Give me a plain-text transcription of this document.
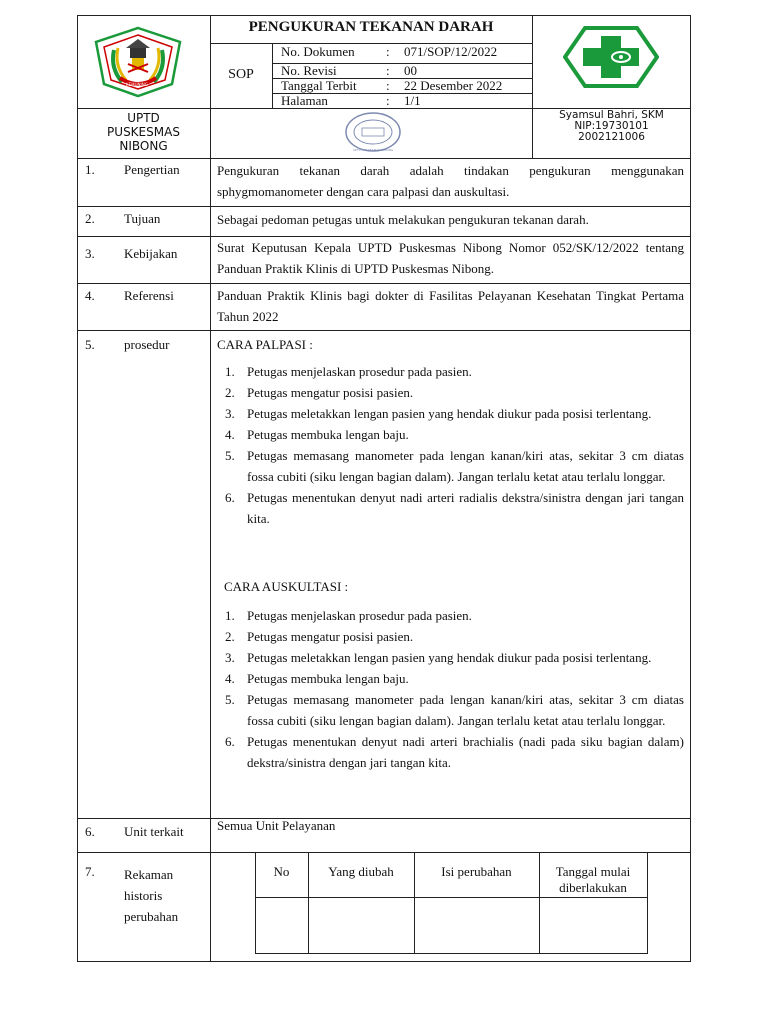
KEMUNING
PENGUKURAN TEKANAN DARAH
SOP
No. Dokumen : 071/SOP/12/2022
No. Revisi	: 00
Tanggal Terbit : 22 Desember 2022
Halaman	: 1/1
UPTD
PUSKESMAS
NIBONG	UPTD PUSKESMAS NIBONG
Syamsul Bahri, SKM
NIP:19730101
2002121006
1. Pengertian	Pengukuran tekanan darah adalah tindakan pengukuran menggunakan sphygmomanometer dengan cara palpasi dan auskultasi.
2. Tujuan	Sebagai pedoman petugas untuk melakukan pengukuran tekanan darah.
3. Kebijakan	Surat Keputusan Kepala UPTD Puskesmas Nibong Nomor 052/SK/12/2022 tentang Panduan Praktik Klinis di UPTD Puskesmas Nibong.
4. Referensi	Panduan Praktik Klinis bagi dokter di Fasilitas Pelayanan Kesehatan Tingkat Pertama Tahun 2022
5. prosedur	CARA PALPASI :
1. Petugas menjelaskan prosedur pada pasien.
2. Petugas mengatur posisi pasien.
3. Petugas meletakkan lengan pasien yang hendak diukur pada posisi terlentang.
4. Petugas membuka lengan baju.
5. Petugas memasang manometer pada lengan kanan/kiri atas, sekitar 3 cm diatas fossa cubiti (siku lengan bagian dalam). Jangan terlalu ketat atau terlalu longgar.
6. Petugas menentukan denyut nadi arteri radialis dekstra/sinistra dengan jari tangan kita.
CARA AUSKULTASI :
1. Petugas menjelaskan prosedur pada pasien.
2. Petugas mengatur posisi pasien.
3. Petugas meletakkan lengan pasien yang hendak diukur pada posisi terlentang.
4. Petugas membuka lengan baju.
5. Petugas memasang manometer pada lengan kanan/kiri atas, sekitar 3 cm diatas fossa cubiti (siku lengan bagian dalam). Jangan terlalu ketat atau terlalu longgar.
6. Petugas menentukan denyut nadi arteri brachialis (nadi pada siku bagian dalam) dekstra/sinistra dengan jari tangan kita.
6. Unit terkait	Semua Unit Pelayanan
7. Rekaman
historis
perubahan
No	Yang diubah	Isi perubahan	Tanggal mulai
diberlakukan
